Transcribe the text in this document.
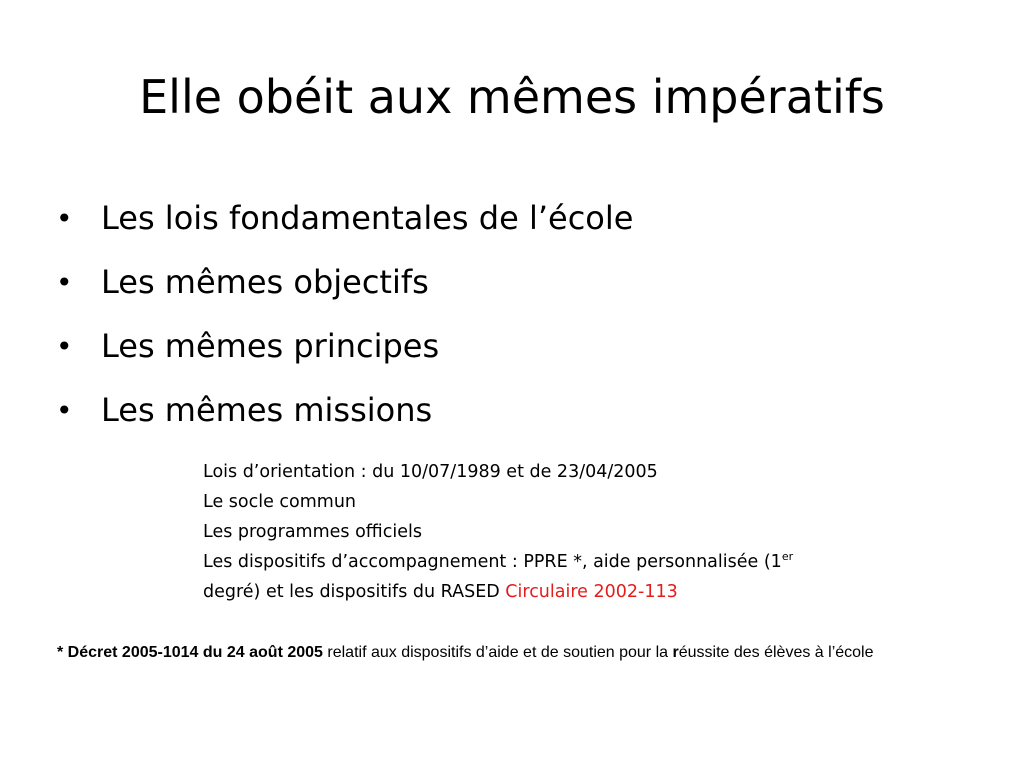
Elle obéit aux mêmes impératifs
• Les lois fondamentales de l’école
• Les mêmes objectifs
• Les mêmes principes
• Les mêmes missions
Lois d’orientation : du 10/07/1989 et de 23/04/2005
Le socle commun
Les programmes officiels
Les dispositifs d’accompagnement : PPRE *, aide personnalisée (1er
degré) et les dispositifs du RASED Circulaire 2002-113
* Décret 2005-1014 du 24 août 2005 relatif aux dispositifs d’aide et de soutien pour la réussite des élèves à l’école
